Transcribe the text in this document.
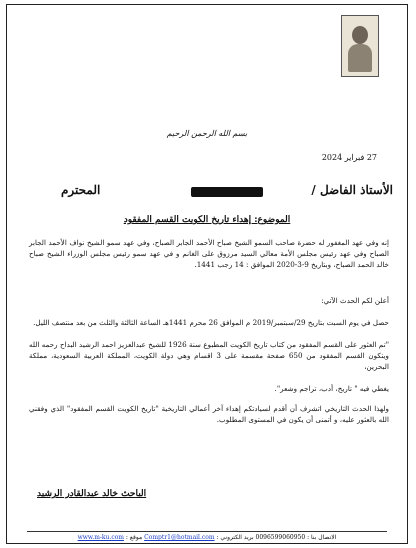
بسم الله الرحمن الرحيم
27 فبراير 2024
الأستاذ الفاضل /
المحترم
الموضوع: إهداء تاريخ الكويت القسم المفقود
إنه وفي عهد المغفور له حضرة صاحب السمو الشيخ صباح الأحمد الجابر الصباح، وفي عهد سمو الشيخ نواف الأحمد الجابر الصباح وفي عهد رئيس مجلس الأمة معالي السيد مرزوق على الغانم و في عهد سمو رئيس مجلس الوزراء الشيخ صباح خالد الحمد الصباح، وبتاريخ 9-3-2020 الموافق : 14 رجب 1441.
أعلن لكم الحدث الآتي:
حصل في يوم السبت بتاريخ 29/سبتمبر/2019 م الموافق 26 محرم 1441هـ الساعة الثالثة والثلث من بعد منتصف الليل.
"تم العثور على القسم المفقود من كتاب تاريخ الكويت المطبوع سنة 1926 للشيخ عبدالعزيز احمد الرشيد البداح رحمه الله ويتكون القسم المفقود من 650 صفحة مقسمة على 3 اقسام وهي دولة الكويت، المملكة العربية السعودية، مملكة البحرين،
يغطي فيه " تاريخ، أدب، تراجم وشعر".
ولهذا الحدث التاريخي اتشرف أن أقدم لسيادتكم إهداء آخر أعمالي التاريخية "تاريخ الكويت القسم المفقود" الذي وفقني الله بالعثور عليه، و أتمنى أن يكون في المستوى المطلوب.
الباحث خالد عبدالقادر الرشيد
الاتصال بنا : 0096599060950 بريد الكتروني : Comptr1@hotmail.com موقع : www.m-ku.com
